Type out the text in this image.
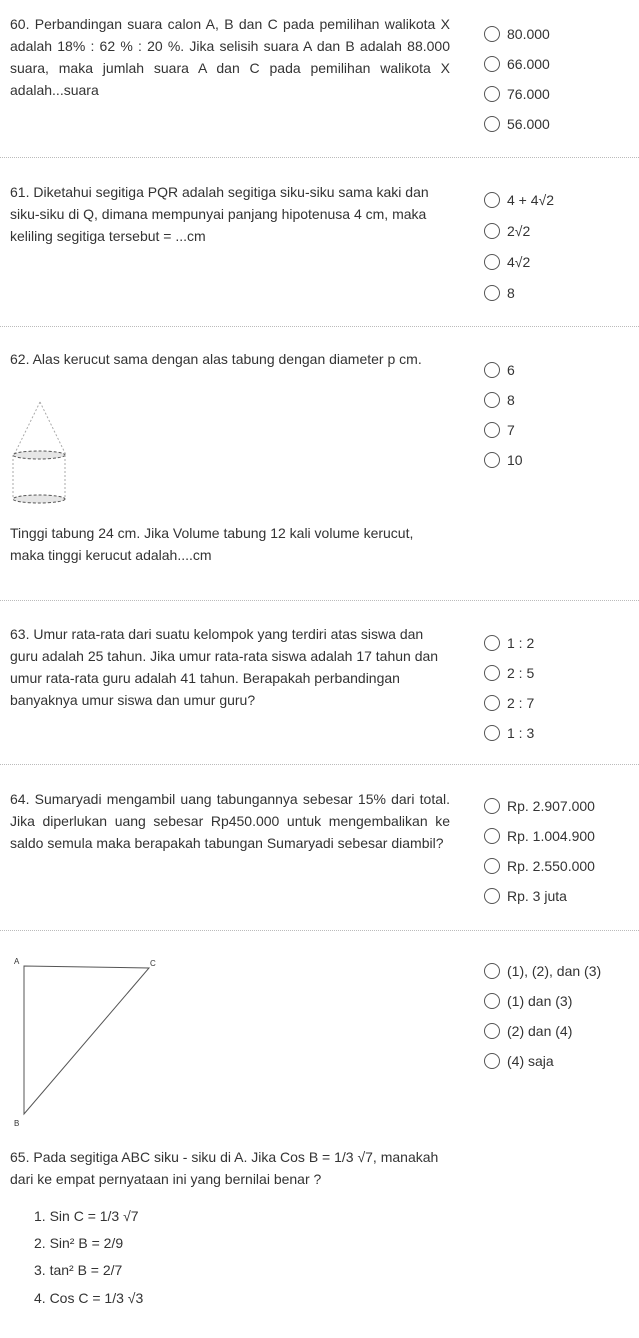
60. Perbandingan suara calon A, B dan C pada pemilihan walikota X adalah 18% : 62 % : 20 %. Jika selisih suara A dan B adalah 88.000 suara, maka jumlah suara A dan C pada pemilihan walikota X adalah...suara
80.000
66.000
76.000
56.000
61. Diketahui segitiga PQR adalah segitiga siku-siku sama kaki dan siku-siku di Q, dimana mempunyai panjang hipotenusa 4 cm, maka keliling segitiga tersebut = ...cm
4 + 4√2
2√2
4√2
8
62. Alas kerucut sama dengan alas tabung dengan diameter p cm.
Tinggi tabung 24 cm. Jika Volume tabung 12 kali volume kerucut, maka tinggi kerucut adalah....cm
6
8
7
10
63. Umur rata-rata dari suatu kelompok yang terdiri atas siswa dan guru adalah 25 tahun. Jika umur rata-rata siswa adalah 17 tahun dan umur rata-rata guru adalah 41 tahun. Berapakah perbandingan banyaknya umur siswa dan umur guru?
1 : 2
2 : 5
2 : 7
1 : 3
64. Sumaryadi mengambil uang tabungannya sebesar 15% dari total. Jika diperlukan uang sebesar Rp450.000 untuk mengembalikan ke saldo semula maka berapakah tabungan Sumaryadi sebesar diambil?
Rp. 2.907.000
Rp. 1.004.900
Rp. 2.550.000
Rp. 3 juta
A	C
B
65. Pada segitiga ABC siku - siku di A. Jika Cos B = 1/3 √7, manakah dari ke empat pernyataan ini yang bernilai benar ?
1. Sin C = 1/3 √7
2. Sin² B = 2/9
3. tan² B = 2/7
4. Cos C = 1/3 √3
(1), (2), dan (3)
(1) dan (3)
(2) dan (4)
(4) saja
